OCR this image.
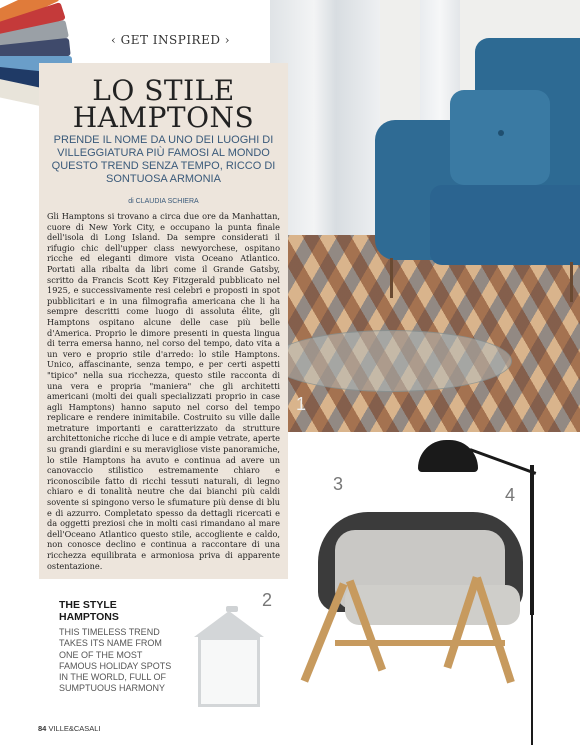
‹ GET INSPIRED ›
LO STILE
HAMPTONS
PRENDE IL NOME DA UNO DEI LUOGHI DI VILLEGGIATURA PIÙ FAMOSI AL MONDO QUESTO TREND SENZA TEMPO, RICCO DI SONTUOSA ARMONIA
di CLAUDIA SCHIERA
Gli Hamptons si trovano a circa due ore da Manhattan, cuore di New York City, e occupano la punta finale dell'isola di Long Island. Da sempre considerati il rifugio chic dell'upper class newyorchese, ospitano ricche ed eleganti dimore vista Oceano Atlantico. Portati alla ribalta da libri come il Grande Gatsby, scritto da Francis Scott Key Fitzgerald pubblicato nel 1925, e successivamente resi celebri e proposti in spot pubblicitari e in una filmografia americana che li ha sempre descritti come luogo di assoluta élite, gli Hamptons ospitano alcune delle case più belle d'America. Proprio le dimore presenti in questa lingua di terra emersa hanno, nel corso del tempo, dato vita a un vero e proprio stile d'arredo: lo stile Hamptons. Unico, affascinante, senza tempo, e per certi aspetti "tipico" nella sua ricchezza, questo stile racconta di una vera e propria "maniera" che gli architetti americani (molti dei quali specializzati proprio in case agli Hamptons) hanno saputo nel corso del tempo replicare e rendere inimitabile. Costruito su ville dalle metrature importanti e caratterizzato da strutture architettoniche ricche di luce e di ampie vetrate, aperte su grandi giardini e su meravigliose viste panoramiche, lo stile Hamptons ha avuto e continua ad avere un canovaccio stilistico estremamente chiaro e riconoscibile fatto di ricchi tessuti naturali, di legno chiaro e di tonalità neutre che dai bianchi più caldi sovente si spingono verso le sfumature più dense di blu e di azzurro. Completato spesso da dettagli ricercati e da oggetti preziosi che in molti casi rimandano al mare dell'Oceano Atlantico questo stile, accogliente e caldo, non conosce declino e continua a raccontare di una ricchezza equilibrata e armoniosa priva di apparente ostentazione.
1
2
3
4
THE STYLE
HAMPTONS
THIS TIMELESS TREND TAKES ITS NAME FROM ONE OF THE MOST FAMOUS HOLIDAY SPOTS IN THE WORLD, FULL OF SUMPTUOUS HARMONY
84 VILLE&CASALI
